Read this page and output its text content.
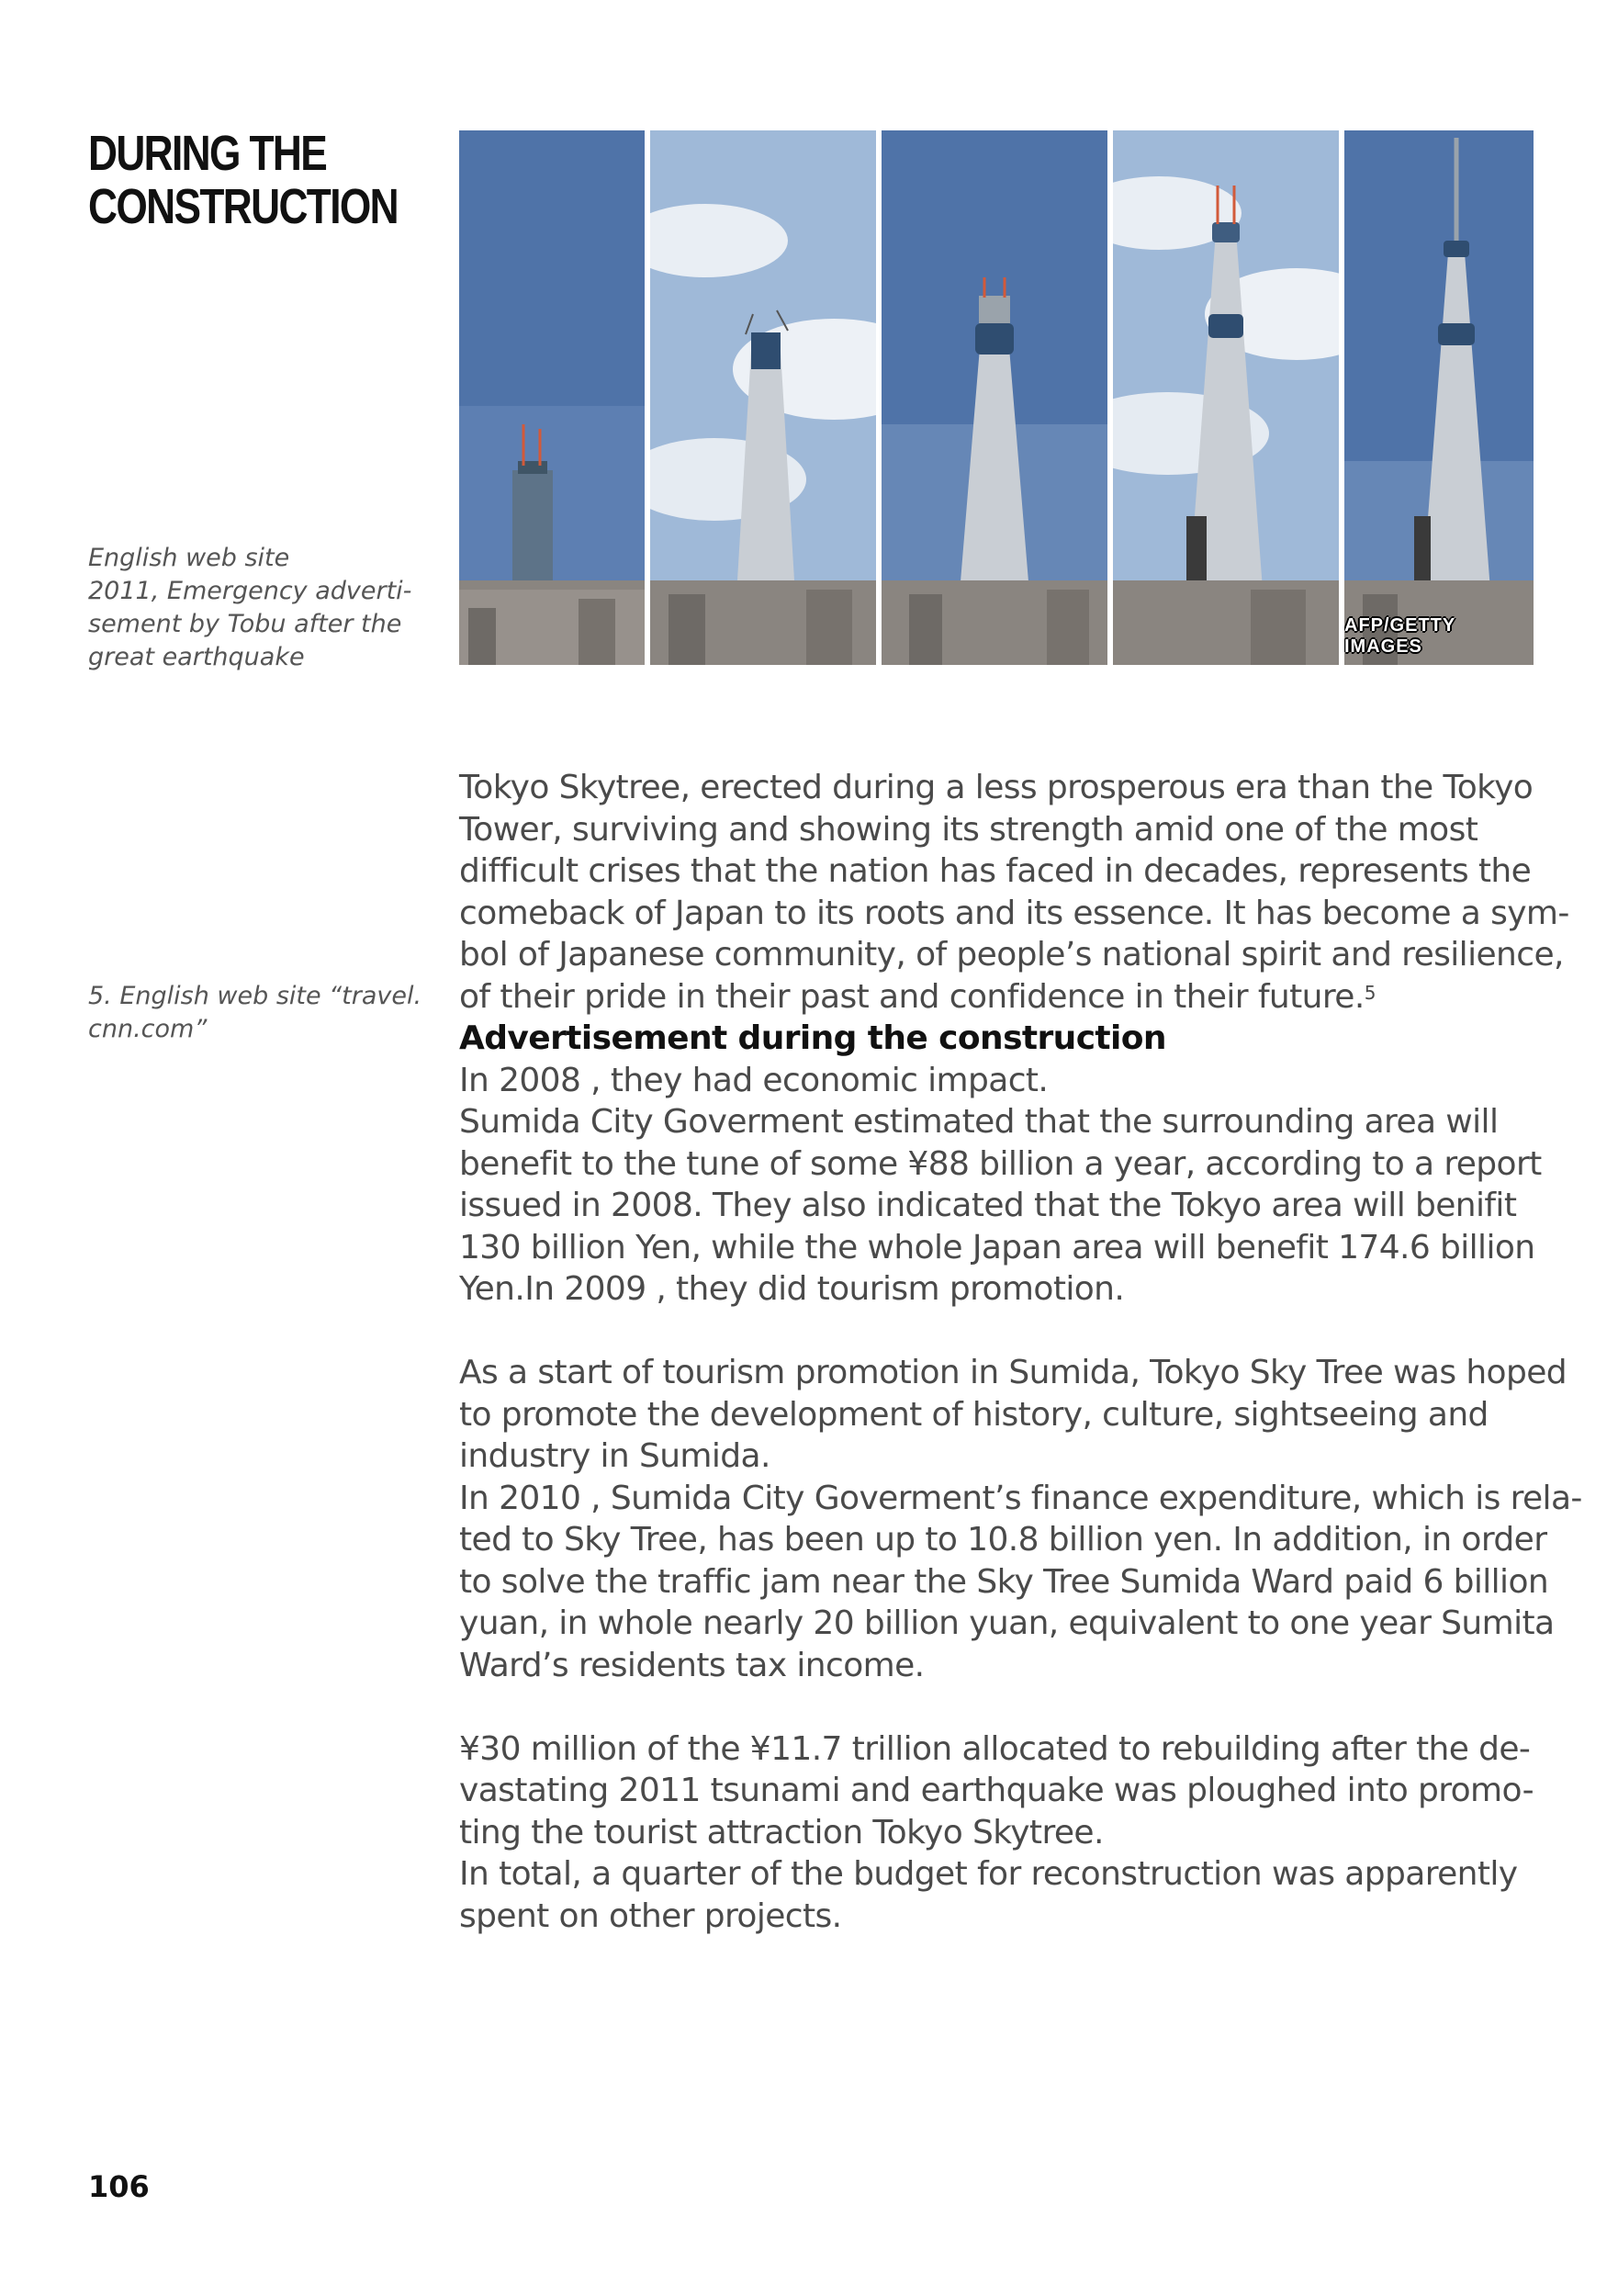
DURING THE
CONSTRUCTION

English web site
2011, Emergency adverti-
sement by Tobu after the
great earthquake

5. English web site “travel.
cnn.com”

AFP/GETTY IMAGES

Tokyo Skytree, erected during a less prosperous era than the Tokyo
Tower, surviving and showing its strength amid one of the most
difficult crises that the nation has faced in decades, represents the
comeback of Japan to its roots and its essence. It has become a sym-
bol of Japanese community, of people’s national spirit and resilience,
of their pride in their past and confidence in their future.$^5$

Advertisement during the construction

In 2008 , they had economic impact.
Sumida City Goverment estimated that the surrounding area will
benefit to the tune of some ¥88 billion a year, according to a report
issued in 2008. They also indicated that the Tokyo area will benifit
130 billion Yen, while the whole Japan area will benefit 174.6 billion
Yen.In 2009 , they did tourism promotion.

As a start of tourism promotion in Sumida, Tokyo Sky Tree was hoped
to promote the development of history, culture, sightseeing and
industry in Sumida.
In 2010 , Sumida City Goverment’s finance expenditure, which is rela-
ted to Sky Tree, has been up to 10.8 billion yen. In addition, in order
to solve the traffic jam near the Sky Tree Sumida Ward paid 6 billion
yuan, in whole nearly 20 billion yuan, equivalent to one year Sumita
Ward’s residents tax income.

¥30 million of the ¥11.7 trillion allocated to rebuilding after the de-
vastating 2011 tsunami and earthquake was ploughed into promo-
ting the tourist attraction Tokyo Skytree.
In total, a quarter of the budget for reconstruction was apparently
spent on other projects.

106
